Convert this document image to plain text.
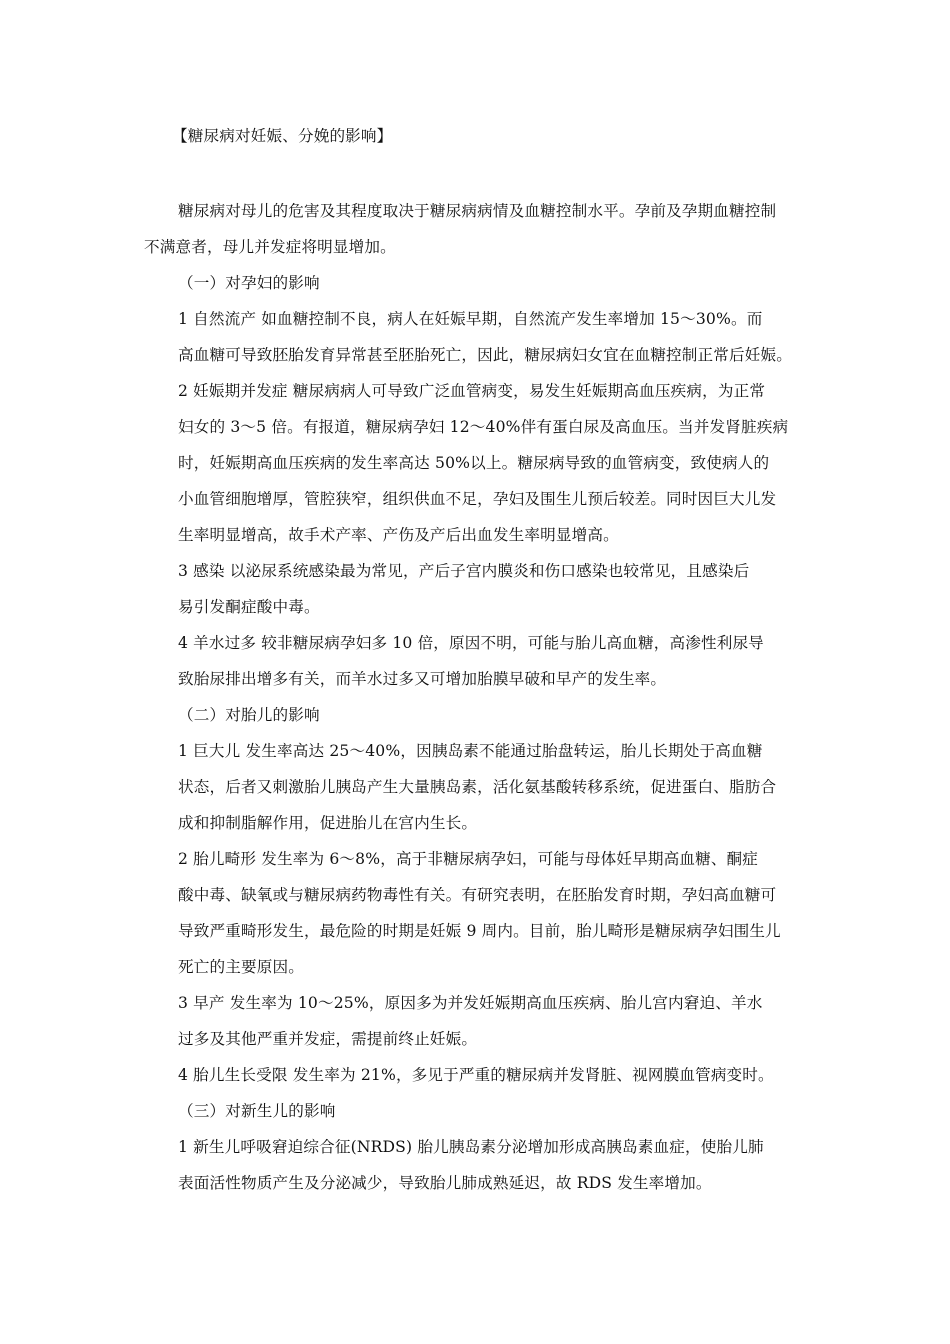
【糖尿病对妊娠、分娩的影响】
糖尿病对母儿的危害及其程度取决于糖尿病病情及血糖控制水平。孕前及孕期血糖控制
不满意者，母儿并发症将明显增加。
（一）对孕妇的影响
1 自然流产 如血糖控制不良，病人在妊娠早期，自然流产发生率增加 15～30%。而
高血糖可导致胚胎发育异常甚至胚胎死亡，因此，糖尿病妇女宜在血糖控制正常后妊娠。
2 妊娠期并发症 糖尿病病人可导致广泛血管病变，易发生妊娠期高血压疾病，为正常
妇女的 3～5 倍。有报道，糖尿病孕妇 12～40%伴有蛋白尿及高血压。当并发肾脏疾病
时，妊娠期高血压疾病的发生率高达 50%以上。糖尿病导致的血管病变，致使病人的
小血管细胞增厚，管腔狭窄，组织供血不足，孕妇及围生儿预后较差。同时因巨大儿发
生率明显增高，故手术产率、产伤及产后出血发生率明显增高。
3 感染 以泌尿系统感染最为常见，产后子宫内膜炎和伤口感染也较常见，且感染后
易引发酮症酸中毒。
4 羊水过多 较非糖尿病孕妇多 10 倍，原因不明，可能与胎儿高血糖，高渗性利尿导
致胎尿排出增多有关，而羊水过多又可增加胎膜早破和早产的发生率。
（二）对胎儿的影响
1 巨大儿 发生率高达 25～40%，因胰岛素不能通过胎盘转运，胎儿长期处于高血糖
状态，后者又刺激胎儿胰岛产生大量胰岛素，活化氨基酸转移系统，促进蛋白、脂肪合
成和抑制脂解作用，促进胎儿在宫内生长。
2 胎儿畸形 发生率为 6～8%，高于非糖尿病孕妇，可能与母体妊早期高血糖、酮症
酸中毒、缺氧或与糖尿病药物毒性有关。有研究表明，在胚胎发育时期，孕妇高血糖可
导致严重畸形发生，最危险的时期是妊娠 9 周内。目前，胎儿畸形是糖尿病孕妇围生儿
死亡的主要原因。
3 早产 发生率为 10～25%，原因多为并发妊娠期高血压疾病、胎儿宫内窘迫、羊水
过多及其他严重并发症，需提前终止妊娠。
4 胎儿生长受限 发生率为 21%，多见于严重的糖尿病并发肾脏、视网膜血管病变时。
（三）对新生儿的影响
1 新生儿呼吸窘迫综合征(NRDS) 胎儿胰岛素分泌增加形成高胰岛素血症，使胎儿肺
表面活性物质产生及分泌减少，导致胎儿肺成熟延迟，故 RDS 发生率增加。
